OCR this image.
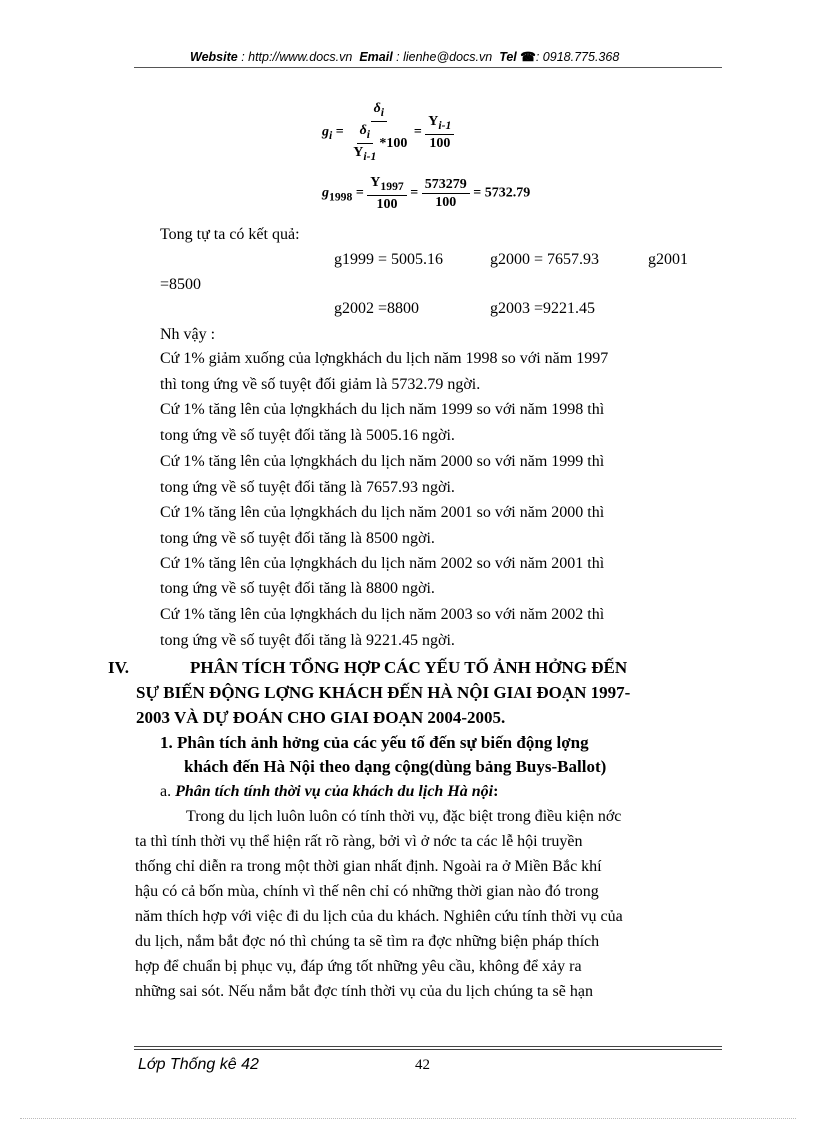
Website : http://www.docs.vn Email : lienhe@docs.vn Tel ☎: 0918.775.368
$g_i = \frac{\delta_i}{\frac{\delta_i}{Y_{i-1}} *100} = \frac{Y_{i-1}}{100}$
$g_{1998} = \frac{Y_{1997}}{100} = \frac{573279}{100} = 5732.79$
Tong tự ta có kết quả:
g1999 = 5005.16	g2000 = 7657.93	g2001
=8500
g2002 =8800	g2003 =9221.45
Nh vậy :
Cứ 1% giảm xuống của lợngkhách du lịch năm 1998 so với năm 1997
thì tong ứng về số tuyệt đối giảm là 5732.79 ngời.
Cứ 1% tăng lên của lợngkhách du lịch năm 1999 so với năm 1998 thì
tong ứng về số tuyệt đối tăng là 5005.16 ngời.
Cứ 1% tăng lên của lợngkhách du lịch năm 2000 so với năm 1999 thì
tong ứng về số tuyệt đối tăng là 7657.93 ngời.
Cứ 1% tăng lên của lợngkhách du lịch năm 2001 so với năm 2000 thì
tong ứng về số tuyệt đối tăng là 8500 ngời.
Cứ 1% tăng lên của lợngkhách du lịch năm 2002 so với năm 2001 thì
tong ứng về số tuyệt đối tăng là 8800 ngời.
Cứ 1% tăng lên của lợngkhách du lịch năm 2003 so với năm 2002 thì
tong ứng về số tuyệt đối tăng là 9221.45 ngời.
IV.	PHÂN TÍCH TỔNG HỢP CÁC YẾU TỐ ẢNH HỞNG ĐẾN
SỰ BIẾN ĐỘNG LỢNG KHÁCH ĐẾN HÀ NỘI GIAI ĐOẠN 1997-
2003 VÀ DỰ ĐOÁN CHO GIAI ĐOẠN 2004-2005.
1. Phân tích ảnh hởng của các yếu tố đến sự biến động lợng
khách đến Hà Nội theo dạng cộng(dùng bảng Buys-Ballot)
a. Phân tích tính thời vụ của khách du lịch Hà nội:
Trong du lịch luôn luôn có tính thời vụ, đặc biệt trong điều kiện nớc
ta thì tính thời vụ thể hiện rất rõ ràng, bởi vì ở nớc ta các lễ hội truyền
thống chỉ diễn ra trong một thời gian nhất định. Ngoài ra ở Miền Bắc khí
hậu có cả bốn mùa, chính vì thế nên chỉ có những thời gian nào đó trong
năm thích hợp với việc đi du lịch của du khách. Nghiên cứu tính thời vụ của
du lịch, nắm bắt đợc nó thì chúng ta sẽ tìm ra đợc những biện pháp thích
hợp để chuẩn bị phục vụ, đáp ứng tốt những yêu cầu, không để xảy ra
những sai sót. Nếu nắm bắt đợc tính thời vụ của du lịch chúng ta sẽ hạn
Lớp Thống kê 42	42
